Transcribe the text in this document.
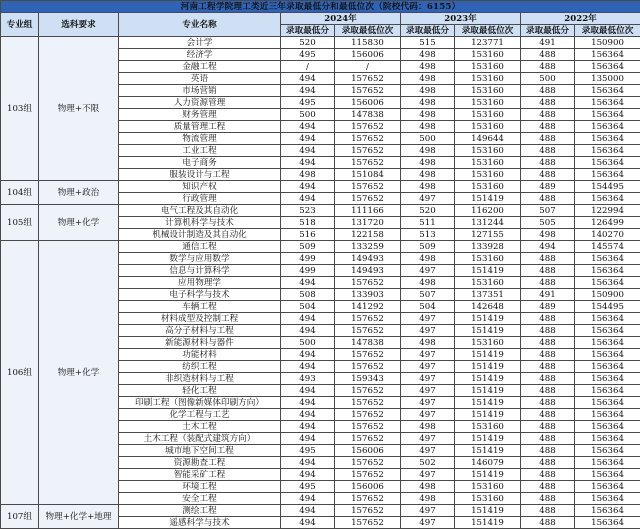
河南工程学院理工类近三年录取最低分和最低位次（院校代码：6155）								
专业组	选科要求	专业名称	2024年		2023年		2022年	
			录取最低分	录取最低位次	录取最低分	录取最低位次	录取最低分	录取最低位次
103组	物理+不限	会计学	520	115830	515	123771	491	150900
		经济学	495	156006	498	153160	488	156364
		金融工程	/	/	498	153160	488	156364
		英语	494	157652	498	153160	500	135000
		市场营销	494	157652	498	153160	488	156364
		人力资源管理	495	156006	498	153160	488	156364
		财务管理	500	147838	498	153160	488	156364
		质量管理工程	494	157652	498	153160	488	156364
		物流管理	494	157652	500	149644	488	156364
		工业工程	494	157652	498	153160	488	156364
		电子商务	494	157652	498	153160	488	156364
		服装设计与工程	498	151084	498	153160	488	156364
104组	物理+政治	知识产权	494	157652	498	153160	489	154495
		行政管理	494	157652	497	151419	488	156364
105组	物理+化学	电气工程及其自动化	523	111166	520	116200	507	122994
		计算机科学与技术	518	131720	511	131244	505	126499
		机械设计制造及其自动化	516	122158	513	127155	498	140270
106组	物理+化学	通信工程	509	133259	509	133928	494	145574
		数学与应用数学	499	149493	498	153160	488	156364
		信息与计算科学	499	149493	497	151419	488	156364
		应用物理学	494	157652	498	153160	488	156364
		电子科学与技术	508	133903	507	137351	491	150900
		车辆工程	504	141292	504	142648	489	154495
		材料成型及控制工程	494	157652	497	151419	488	156364
		高分子材料与工程	494	157652	497	151419	488	156364
		新能源材料与器件	500	147838	498	153160	488	156364
		功能材料	494	157652	497	151419	488	156364
		纺织工程	494	157652	497	151419	488	156364
		非织造材料与工程	493	159343	497	151419	488	156364
		轻化工程	494	157652	497	151419	488	156364
		印刷工程（图像新媒体印刷方向）	494	157652	497	151419	488	156364
		化学工程与工艺	494	157652	497	151419	488	156364
		土木工程	494	157652	498	153160	488	156364
		土木工程（装配式建筑方向）	494	157652	497	151419	488	156364
		城市地下空间工程	495	156006	497	151419	488	156364
		资源勘查工程	494	157652	502	146079	488	156364
		智能采矿工程	494	157652	497	151419	488	156364
		环境工程	495	156006	498	153160	488	156364
		安全工程	494	157652	498	153160	488	156364
107组	物理+化学+地理	测绘工程	494	157652	497	151419	488	156364
		遥感科学与技术	494	157652	497	151419	488	156364
